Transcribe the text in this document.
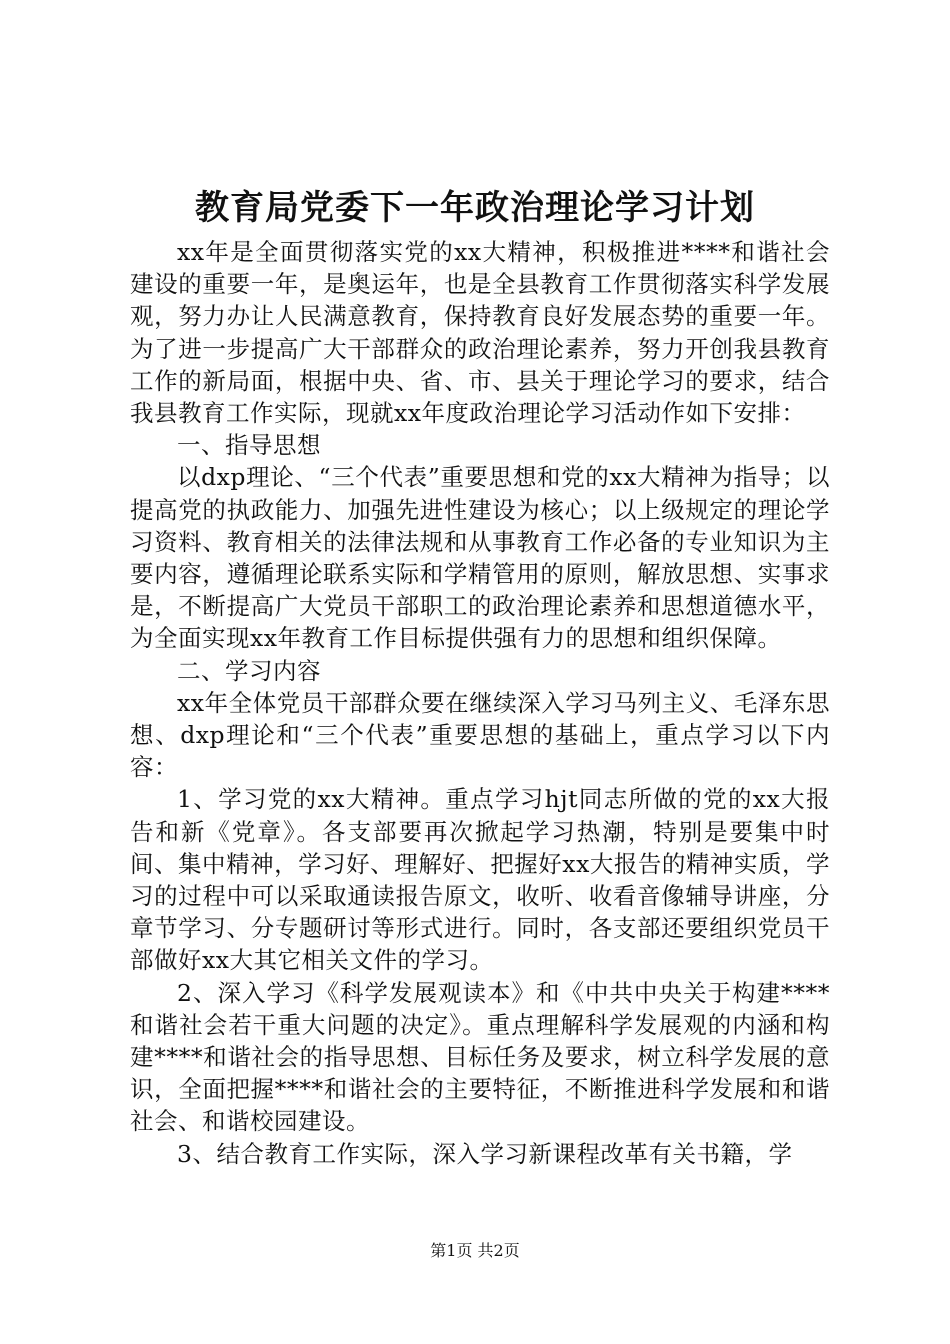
教育局党委下一年政治理论学习计划

xx年是全面贯彻落实党的xx大精神，积极推进****和谐社会建设的重要一年，是奥运年，也是全县教育工作贯彻落实科学发展观，努力办让人民满意教育，保持教育良好发展态势的重要一年。为了进一步提高广大干部群众的政治理论素养，努力开创我县教育工作的新局面，根据中央、省、市、县关于理论学习的要求，结合我县教育工作实际，现就xx年度政治理论学习活动作如下安排：

一、指导思想

以dxp理论、“三个代表”重要思想和党的xx大精神为指导；以提高党的执政能力、加强先进性建设为核心；以上级规定的理论学习资料、教育相关的法律法规和从事教育工作必备的专业知识为主要内容，遵循理论联系实际和学精管用的原则，解放思想、实事求是，不断提高广大党员干部职工的政治理论素养和思想道德水平，为全面实现xx年教育工作目标提供强有力的思想和组织保障。

二、学习内容

xx年全体党员干部群众要在继续深入学习马列主义、毛泽东思想、dxp理论和“三个代表”重要思想的基础上，重点学习以下内容：

1、学习党的xx大精神。重点学习hjt同志所做的党的xx大报告和新《党章》。各支部要再次掀起学习热潮，特别是要集中时间、集中精神，学习好、理解好、把握好xx大报告的精神实质，学习的过程中可以采取通读报告原文，收听、收看音像辅导讲座，分章节学习、分专题研讨等形式进行。同时，各支部还要组织党员干部做好xx大其它相关文件的学习。

2、深入学习《科学发展观读本》和《中共中央关于构建****和谐社会若干重大问题的决定》。重点理解科学发展观的内涵和构建****和谐社会的指导思想、目标任务及要求，树立科学发展的意识，全面把握****和谐社会的主要特征，不断推进科学发展和和谐社会、和谐校园建设。

3、结合教育工作实际，深入学习新课程改革有关书籍，学

第1页 共2页
